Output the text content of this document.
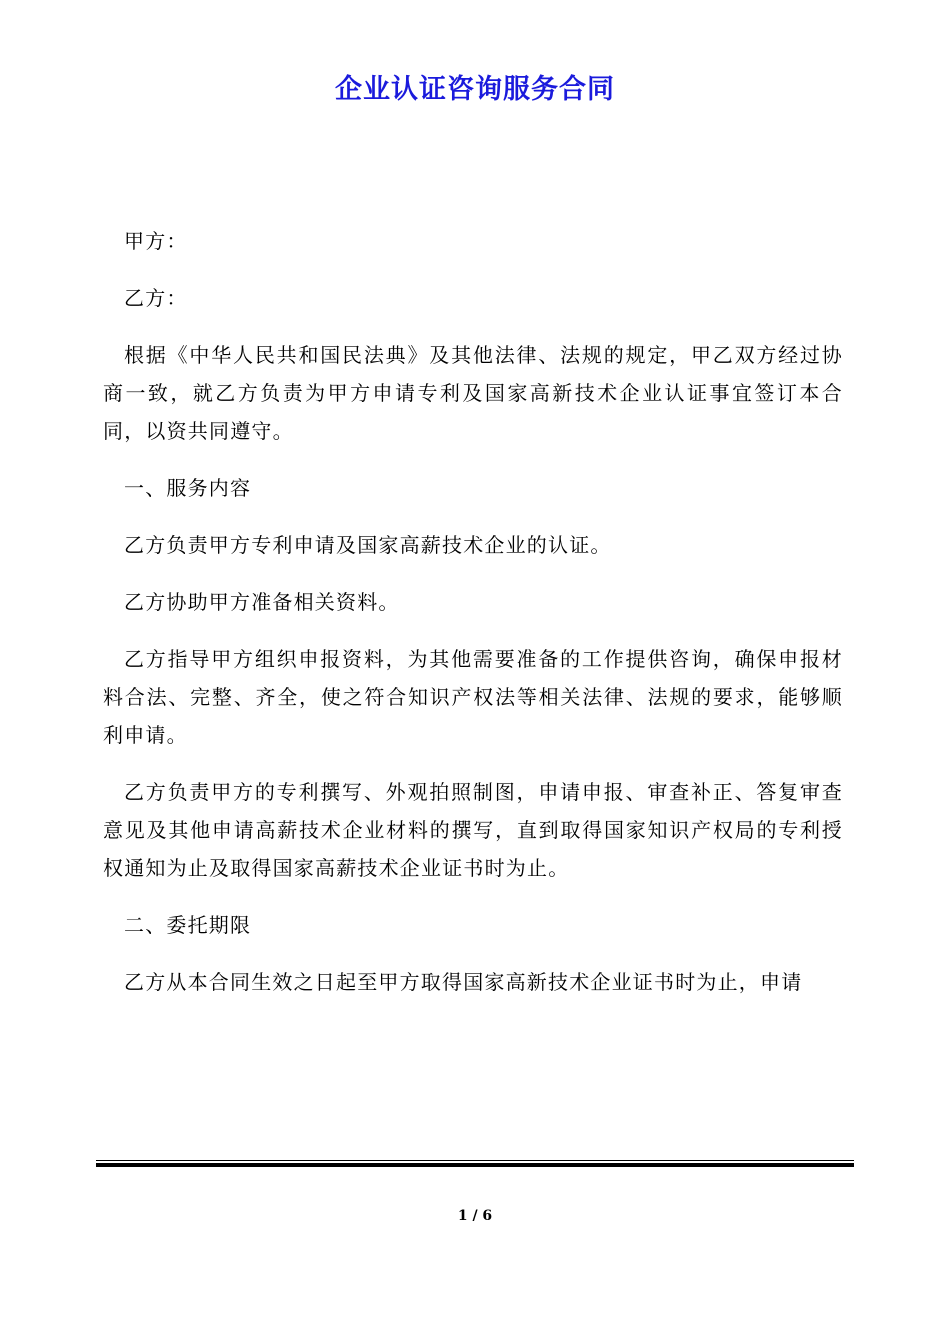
企业认证咨询服务合同

甲方：

乙方：

根据《中华人民共和国民法典》及其他法律、法规的规定，甲乙双方经过协商一致，就乙方负责为甲方申请专利及国家高新技术企业认证事宜签订本合同，以资共同遵守。

一、服务内容

乙方负责甲方专利申请及国家高薪技术企业的认证。

乙方协助甲方准备相关资料。

乙方指导甲方组织申报资料，为其他需要准备的工作提供咨询，确保申报材料合法、完整、齐全，使之符合知识产权法等相关法律、法规的要求，能够顺利申请。

乙方负责甲方的专利撰写、外观拍照制图，申请申报、审查补正、答复审查意见及其他申请高薪技术企业材料的撰写，直到取得国家知识产权局的专利授权通知为止及取得国家高薪技术企业证书时为止。

二、委托期限

乙方从本合同生效之日起至甲方取得国家高新技术企业证书时为止，申请

1 / 6
